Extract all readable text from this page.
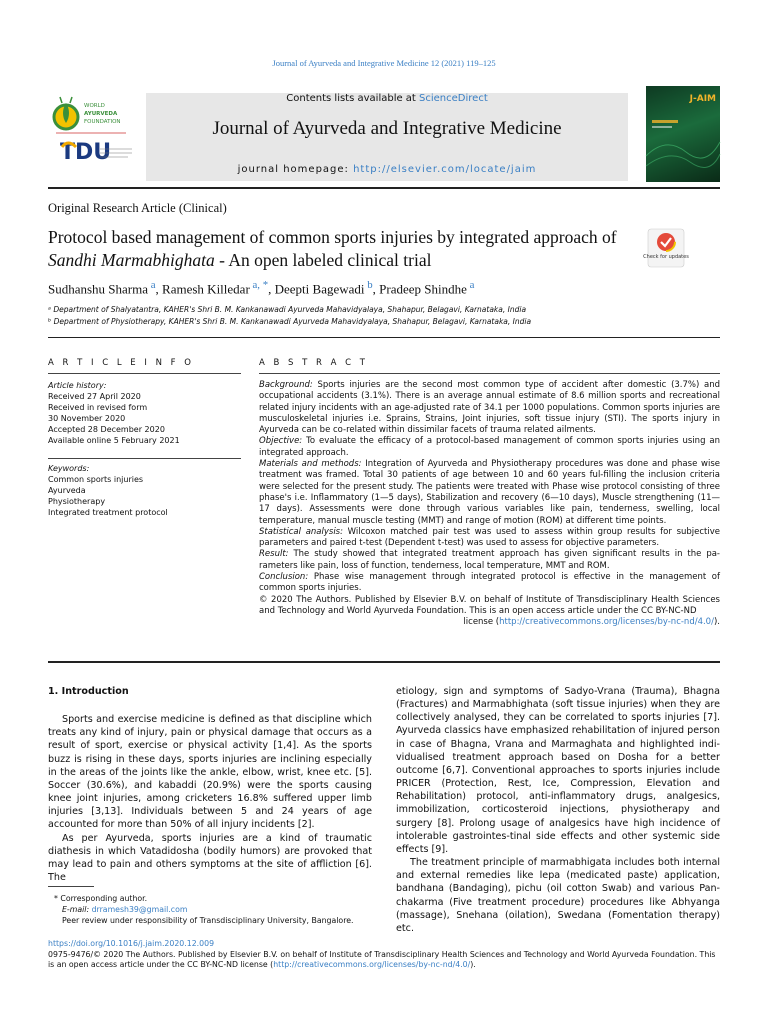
Journal of Ayurveda and Integrative Medicine 12 (2021) 119–125
WORLD
AYURVEDA
FOUNDATION
TDU
Contents lists available at ScienceDirect
Journal of Ayurveda and Integrative Medicine
journal homepage: http://elsevier.com/locate/jaim
J-AIM
Original Research Article (Clinical)
Protocol based management of common sports injuries by integrated approach of Sandhi Marmabhighata - An open labeled clinical trial	Check for updates
Sudhanshu Sharma $^a$, Ramesh Killedar $^{a, *}$, Deepti Bagewadi $^b$, Pradeep Shindhe $^a$
ᵃ Department of Shalyatantra, KAHER's Shri B. M. Kankanawadi Ayurveda Mahavidyalaya, Shahapur, Belagavi, Karnataka, India
ᵇ Department of Physiotherapy, KAHER's Shri B. M. Kankanawadi Ayurveda Mahavidyalaya, Shahapur, Belagavi, Karnataka, India
A R T I C L E I N F O	A B S T R A C T
Article history:
Received 27 April 2020
Received in revised form
30 November 2020
Accepted 28 December 2020
Available online 5 February 2021
Keywords:
Common sports injuries
Ayurveda
Physiotherapy
Integrated treatment protocol

Background: Sports injuries are the second most common type of accident after domestic (3.7%) and occupational accidents (3.1%). There is an average annual estimate of 8.6 million sports and recreational related injury incidents with an age-adjusted rate of 34.1 per 1000 populations. Common sports injuries are musculoskeletal injuries i.e. Sprains, Strains, Joint injuries, soft tissue injury (STI). The sports injury in Ayurveda can be co-related within dissimilar facets of trauma related ailments.

Objective: To evaluate the efficacy of a protocol-based management of common sports injuries using an integrated approach.

Materials and methods: Integration of Ayurveda and Physiotherapy procedures was done and phase wise treatment was framed. Total 30 patients of age between 10 and 60 years ful-filling the inclusion criteria were selected for the present study. The patients were treated with Phase wise protocol consisting of three phase's i.e. Inflammatory (1—5 days), Stabilization and recovery (6—10 days), Muscle strengthening (11—17 days). Assessments were done through various variables like pain, tenderness, swelling, local temperature, manual muscle testing (MMT) and range of motion (ROM) at different time points.

Statistical analysis: Wilcoxon matched pair test was used to assess within group results for subjective parameters and paired t-test (Dependent t-test) was used to assess for objective parameters.

Result: The study showed that integrated treatment approach has given significant results in the pa-rameters like pain, loss of function, tenderness, local temperature, MMT and ROM.

Conclusion: Phase wise management through integrated protocol is effective in the management of common sports injuries.

© 2020 The Authors. Published by Elsevier B.V. on behalf of Institute of Transdisciplinary Health Sciences and Technology and World Ayurveda Foundation. This is an open access article under the CC BY-NC-ND

license (http://creativecommons.org/licenses/by-nc-nd/4.0/).

1. Introduction

Sports and exercise medicine is defined as that discipline which treats any kind of injury, pain or physical damage that occurs as a result of sport, exercise or physical activity [1,4]. As the sports buzz is rising in these days, sports injuries are inclining especially in the areas of the joints like the ankle, elbow, wrist, knee etc. [5]. Soccer (30.6%), and kabaddi (20.9%) were the sports causing knee joint injuries, among cricketers 16.8% suffered upper limb injuries [3,13]. Individuals between 5 and 24 years of age accounted for more than 50% of all injury incidents [2].

As per Ayurveda, sports injuries are a kind of traumatic diathesis in which Vatadidosha (bodily humors) are provoked that may lead to pain and others symptoms at the site of affliction [6]. The

etiology, sign and symptoms of Sadyo-Vrana (Trauma), Bhagna (Fractures) and Marmabhighata (soft tissue injuries) when they are collectively analysed, they can be correlated to sports injuries [7]. Ayurveda classics have emphasized rehabilitation of injured person in case of Bhagna, Vrana and Marmaghata and highlighted indi-vidualised treatment approach based on Dosha for a better outcome [6,7]. Conventional approaches to sports injuries include PRICER (Protection, Rest, Ice, Compression, Elevation and Rehabilitation) protocol, anti-inflammatory drugs, analgesics, immobilization, corticosteroid injections, physiotherapy and surgery [8]. Prolong usage of analgesics have high incidence of intolerable gastrointes-tinal side effects and other systemic side effects [9].

The treatment principle of marmabhigata includes both internal and external remedies like lepa (medicated paste) application, bandhana (Bandaging), pichu (oil cotton Swab) and various Pan-chakarma (Five treatment procedure) procedures like Abhyanga (massage), Snehana (oilation), Swedana (Fomentation therapy) etc.

* Corresponding author.
E-mail: drramesh39@gmail.com
Peer review under responsibility of Transdisciplinary University, Bangalore.
https://doi.org/10.1016/j.jaim.2020.12.009
0975-9476/© 2020 The Authors. Published by Elsevier B.V. on behalf of Institute of Transdisciplinary Health Sciences and Technology and World Ayurveda Foundation. This is an open access article under the CC BY-NC-ND license (http://creativecommons.org/licenses/by-nc-nd/4.0/).
